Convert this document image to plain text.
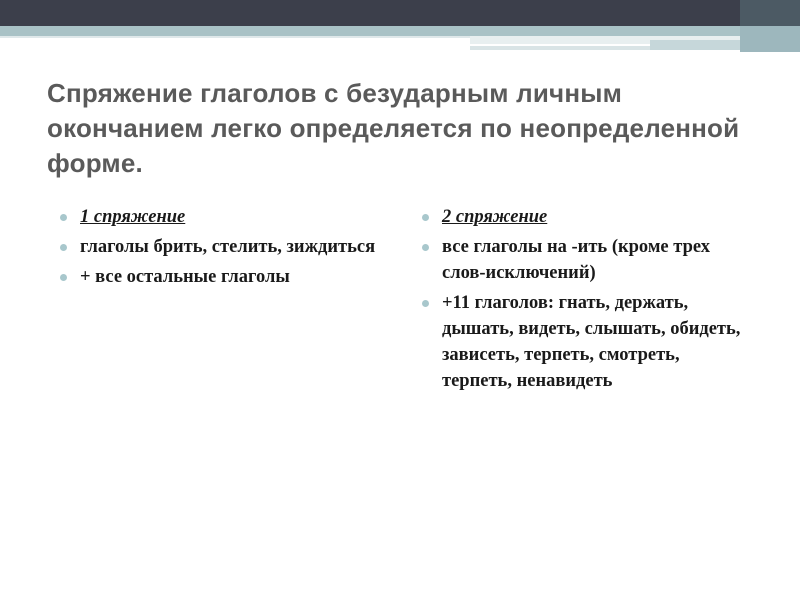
Спряжение глаголов с безударным личным окончанием легко определяется по неопределенной форме.
1 спряжение
глаголы брить, стелить, зиждиться
+ все остальные глаголы
2 спряжение
все глаголы на -ить (кроме трех слов-исключений)
+11 глаголов: гнать, держать, дышать, видеть, слышать, обидеть, зависеть, терпеть, смотреть, терпеть, ненавидеть
